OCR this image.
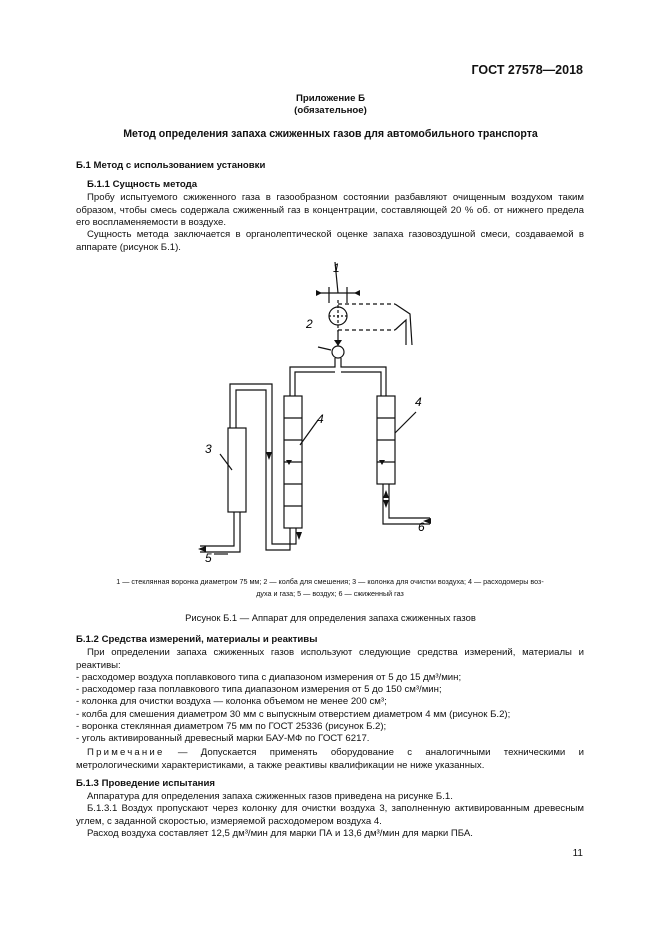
ГОСТ 27578—2018
Приложение Б
(обязательное)
Метод определения запаха сжиженных газов для автомобильного транспорта
Б.1 Метод с использованием установки
Б.1.1 Сущность метода

Пробу испытуемого сжиженного газа в газообразном состоянии разбавляют очищенным воздухом таким образом, чтобы смесь содержала сжиженный газ в концентрации, составляющей 20 % об. от нижнего предела его воспламеняемости в воздухе.

Сущность метода заключается в органолептической оценке запаха газовоздушной смеси, создаваемой в аппарате (рисунок Б.1).

1
2
3
4
4
5
6
1 — стеклянная воронка диаметром 75 мм; 2 — колба для смешения; 3 — колонка для очистки воздуха; 4 — расходомеры воз-
духа и газа; 5 — воздух; 6 — сжиженный газ
Рисунок Б.1 — Аппарат для определения запаха сжиженных газов
Б.1.2 Средства измерений, материалы и реактивы

При определении запаха сжиженных газов используют следующие средства измерений, материалы и реактивы:

- расходомер воздуха поплавкового типа с диапазоном измерения от 5 до 15 дм³/мин;
- расходомер газа поплавкового типа диапазоном измерения от 5 до 150 см³/мин;
- колонка для очистки воздуха — колонка объемом не менее 200 см³;
- колба для смешения диаметром 30 мм с выпускным отверстием диаметром 4 мм (рисунок Б.2);
- воронка стеклянная диаметром 75 мм по ГОСТ 25336 (рисунок Б.2);
- уголь активированный древесный марки БАУ-МФ по ГОСТ 6217.

Примечание — Допускается применять оборудование с аналогичными техническими и метрологическими характеристиками, а также реактивы квалификации не ниже указанных.

Б.1.3 Проведение испытания

Аппаратура для определения запаха сжиженных газов приведена на рисунке Б.1.

Б.1.3.1 Воздух пропускают через колонку для очистки воздуха 3, заполненную активированным древесным углем, с заданной скоростью, измеряемой расходомером воздуха 4.

Расход воздуха составляет 12,5 дм³/мин для марки ПА и 13,6 дм³/мин для марки ПБА.

11
